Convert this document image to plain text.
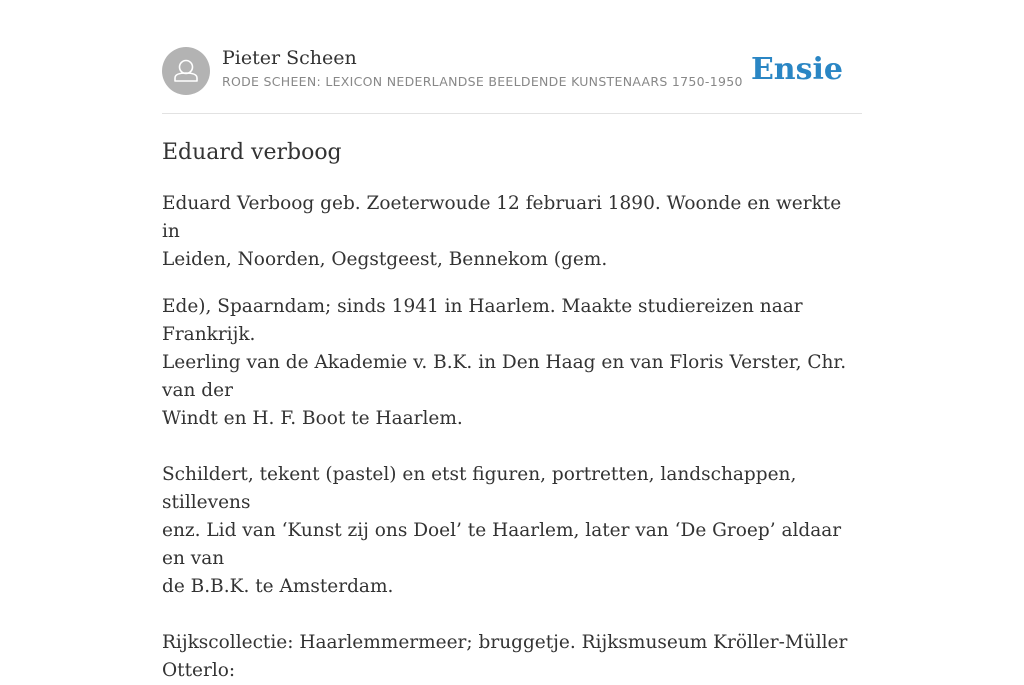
Pieter Scheen
RODE SCHEEN: LEXICON NEDERLANDSE BEELDENDE KUNSTENAARS 1750-1950 Ensie
Eduard verboog

Eduard Verboog geb. Zoeterwoude 12 februari 1890. Woonde en werkte in
Leiden, Noorden, Oegstgeest, Bennekom (gem.

Ede), Spaarndam; sinds 1941 in Haarlem. Maakte studiereizen naar Frankrijk.
Leerling van de Akademie v. B.K. in Den Haag en van Floris Verster, Chr. van der
Windt en H. F. Boot te Haarlem.

Schildert, tekent (pastel) en etst figuren, portretten, landschappen, stillevens
enz. Lid van ‘Kunst zij ons Doel’ te Haarlem, later van ‘De Groep’ aldaar en van
de B.B.K. te Amsterdam.

Rijkscollectie: Haarlemmermeer; bruggetje. Rijksmuseum Kröller-Müller Otterlo:
